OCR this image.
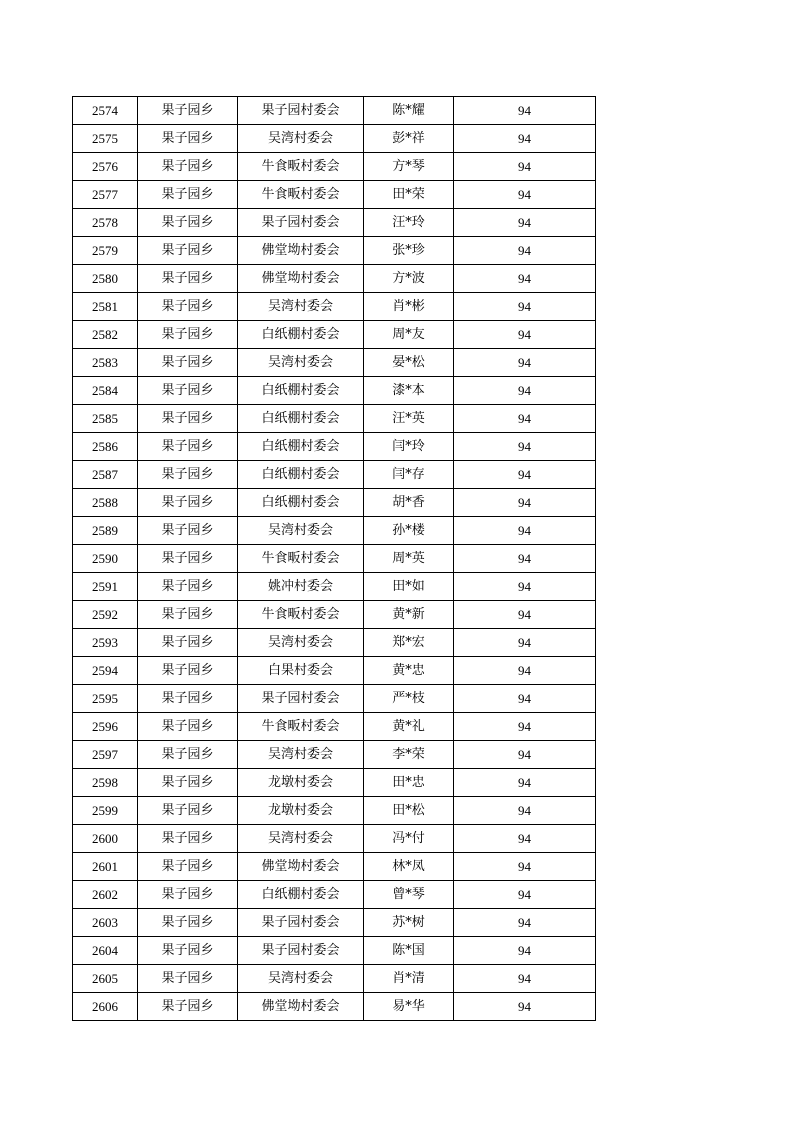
2574	果子园乡	果子园村委会	陈*耀	94
2575	果子园乡	吴湾村委会	彭*祥	94
2576	果子园乡	牛食畈村委会	方*琴	94
2577	果子园乡	牛食畈村委会	田*荣	94
2578	果子园乡	果子园村委会	汪*玲	94
2579	果子园乡	佛堂坳村委会	张*珍	94
2580	果子园乡	佛堂坳村委会	方*波	94
2581	果子园乡	吴湾村委会	肖*彬	94
2582	果子园乡	白纸棚村委会	周*友	94
2583	果子园乡	吴湾村委会	晏*松	94
2584	果子园乡	白纸棚村委会	漆*本	94
2585	果子园乡	白纸棚村委会	汪*英	94
2586	果子园乡	白纸棚村委会	闫*玲	94
2587	果子园乡	白纸棚村委会	闫*存	94
2588	果子园乡	白纸棚村委会	胡*香	94
2589	果子园乡	吴湾村委会	孙*楼	94
2590	果子园乡	牛食畈村委会	周*英	94
2591	果子园乡	姚冲村委会	田*如	94
2592	果子园乡	牛食畈村委会	黄*新	94
2593	果子园乡	吴湾村委会	郑*宏	94
2594	果子园乡	白果村委会	黄*忠	94
2595	果子园乡	果子园村委会	严*枝	94
2596	果子园乡	牛食畈村委会	黄*礼	94
2597	果子园乡	吴湾村委会	李*荣	94
2598	果子园乡	龙墩村委会	田*忠	94
2599	果子园乡	龙墩村委会	田*松	94
2600	果子园乡	吴湾村委会	冯*付	94
2601	果子园乡	佛堂坳村委会	林*凤	94
2602	果子园乡	白纸棚村委会	曾*琴	94
2603	果子园乡	果子园村委会	苏*树	94
2604	果子园乡	果子园村委会	陈*国	94
2605	果子园乡	吴湾村委会	肖*清	94
2606	果子园乡	佛堂坳村委会	易*华	94
